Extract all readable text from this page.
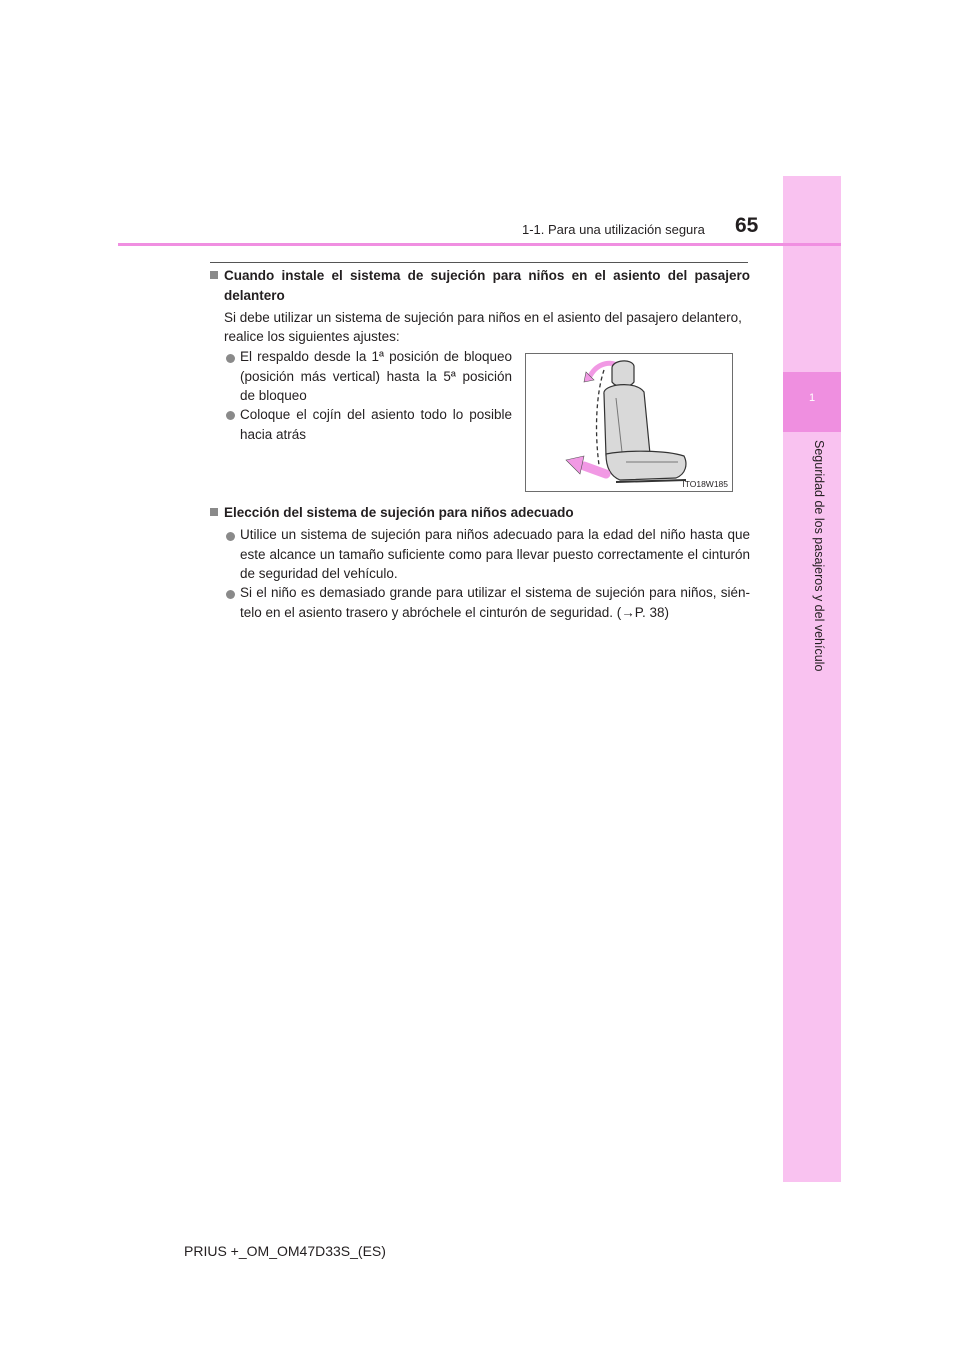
1
Seguridad de los pasajeros y del vehículo
1-1. Para una utilización segura 65
Cuando instale el sistema de sujeción para niños en el asiento del pasajero
delantero
Si debe utilizar un sistema de sujeción para niños en el asiento del pasajero delantero,
realice los siguientes ajustes:
El respaldo desde la 1ª posición de bloqueo
(posición más vertical) hasta la 5ª posición
de bloqueo
Coloque el cojín del asiento todo lo posible
hacia atrás
ITO18W185
Elección del sistema de sujeción para niños adecuado
Utilice un sistema de sujeción para niños adecuado para la edad del niño hasta que
este alcance un tamaño suficiente como para llevar puesto correctamente el cinturón
de seguridad del vehículo.
Si el niño es demasiado grande para utilizar el sistema de sujeción para niños, sién-
telo en el asiento trasero y abróchele el cinturón de seguridad. (→P. 38)
PRIUS +_OM_OM47D33S_(ES)
